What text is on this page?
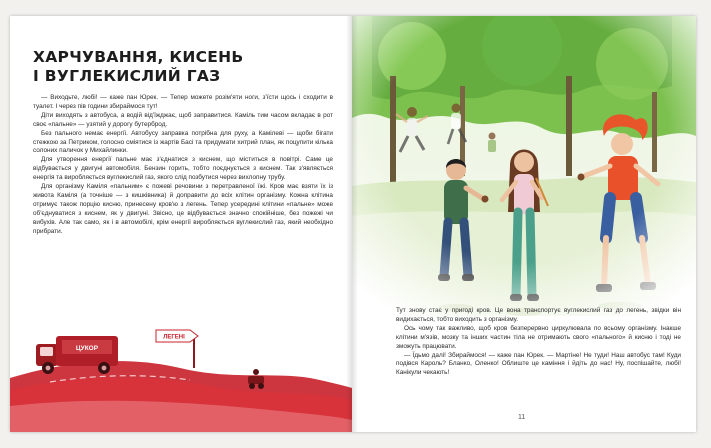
ХАРЧУВАННЯ, КИСЕНЬ
І ВУГЛЕКИСЛИЙ ГАЗ

— Виходьте, любі! — каже пан Юрек. — Тепер можете розім'яти ноги, з'їсти щось і сходити в туалет. І через пів години збираймося тут!

Діти виходять з автобуса, а водій від'їжджає, щоб заправитися. Каміль тим часом вкладає в рот своє «пальне» — узятий у дорогу бутерброд.

Без пального немає енергії. Автобусу заправка потрібна для руху, а Камілеві — щоби бігати стежкою за Петриком, голосно сміятися із жартів Басі та придумати хитрий план, як поцупити кілька солоних паличок у Михайлинки.

Для утворення енергії пальне має з'єднатися з киснем, що міститься в повітрі. Саме це відбувається у двигуні автомобіля. Бензин горить, тобто поєднується з киснем. Так з'являється енергія та виробляється вуглекислий газ, якого слід позбутися через вихлопну трубу.

Для організму Каміля «пальним» є пожеві речовини з перетравленої їжі. Кров має взяти їх із живота Каміля (а точніше — з кишківника) й доправити до всіх клітин організму. Кожна клітина отримує також порцію кисню, принесену кров'ю з легень. Тепер усередині клітини «пальне» може об'єднуватися з киснем, як у двигуні. Звісно, це відбувається значно спокійніше, без пожежі чи вибухів. Але так само, як і в автомобілі, крім енергії виробляється вуглекислий газ, який необхідно прибрати.

ЦУКОР
ЛЕГЕНІ

Тут знову стає у пригоді кров. Це вона транспортує вуглекислий газ до легень, звідки він видихається, тобто виходить з організму.

Ось чому так важливо, щоб кров безперервно циркулювала по всьому організму. Інакше клітини м'язів, мозку та інших частин тіла не отримають свого «пального» й кисню і тоді не зможуть працювати.

— Їдьмо далі! Збираймося! — каже пан Юрек. — Мартіне! Не туди! Наш автобус там! Куди подівся Кароль? Бланко, Оленко! Облиште це каміння і йдіть до нас! Ну, поспішайте, любі! Канікули чекають!

11
